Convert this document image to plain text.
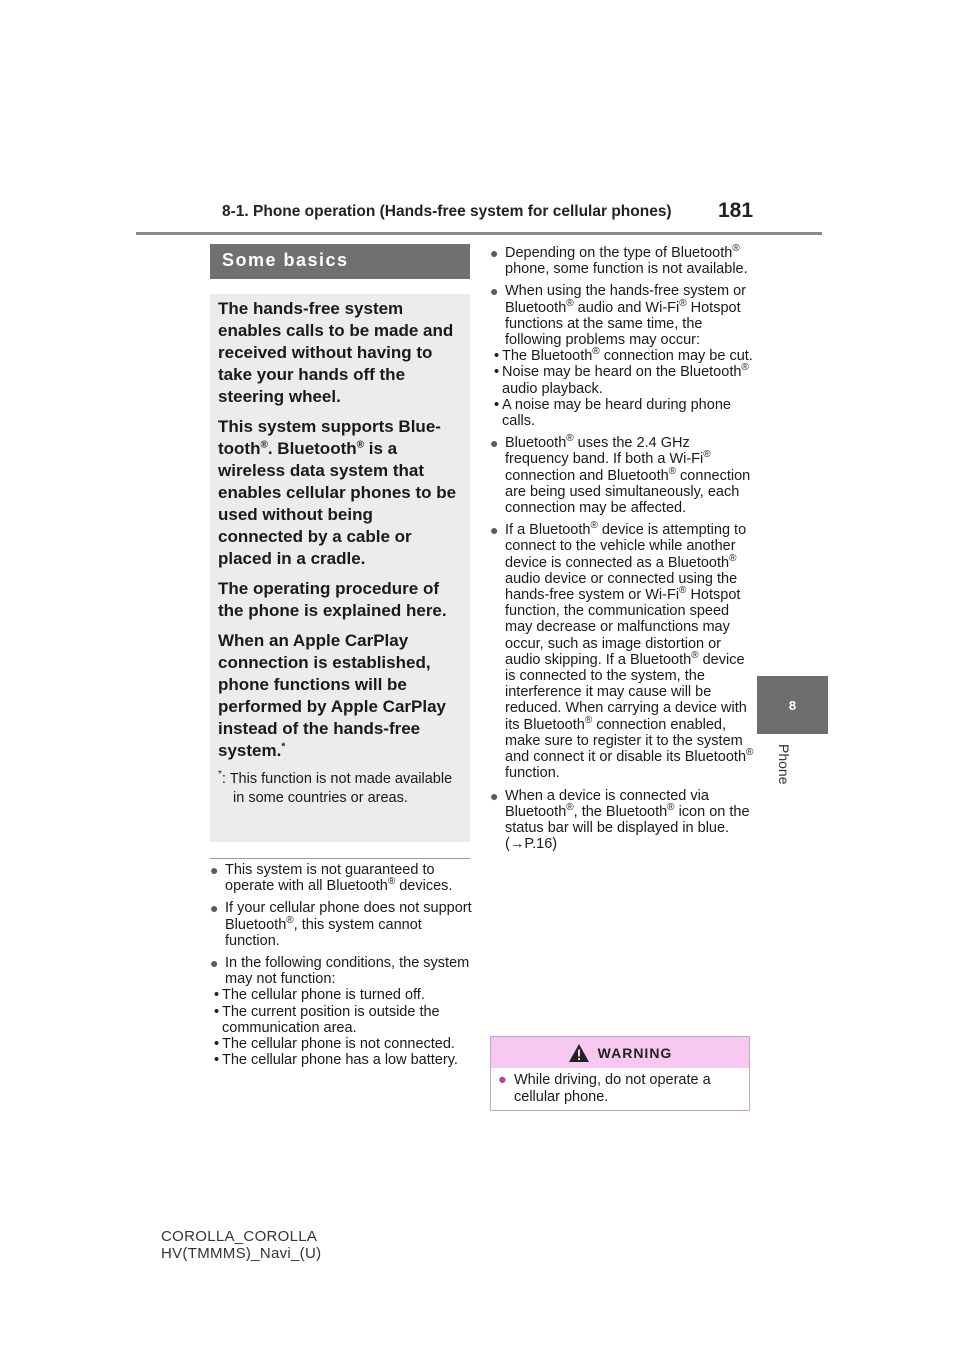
8-1. Phone operation (Hands-free system for cellular phones) 181
8
Phone
Some basics

The hands-free system enables calls to be made and received without having to take your hands off the steering wheel.

This system supports Blue-tooth®. Bluetooth® is a wireless data system that enables cellular phones to be used without being connected by a cable or placed in a cradle.

The operating procedure of the phone is explained here.

When an Apple CarPlay connection is established, phone functions will be performed by Apple CarPlay instead of the hands-free system.*

*: This function is not made available in some countries or areas.

● This system is not guaranteed to operate with all Bluetooth® devices.
● If your cellular phone does not support Bluetooth®, this system cannot function.
● In the following conditions, the system may not function:
• The cellular phone is turned off.
• The current position is outside the communication area.
• The cellular phone is not connected.
• The cellular phone has a low battery.
● Depending on the type of Bluetooth® phone, some function is not available.
● When using the hands-free system or Bluetooth® audio and Wi-Fi® Hotspot functions at the same time, the following problems may occur:
• The Bluetooth® connection may be cut.
• Noise may be heard on the Bluetooth® audio playback.
• A noise may be heard during phone calls.
● Bluetooth® uses the 2.4 GHz frequency band. If both a Wi-Fi® connection and Bluetooth® connection are being used simultaneously, each connection may be affected.
● If a Bluetooth® device is attempting to connect to the vehicle while another device is connected as a Bluetooth® audio device or connected using the hands-free system or Wi-Fi® Hotspot function, the communication speed may decrease or malfunctions may occur, such as image distortion or audio skipping. If a Bluetooth® device is connected to the system, the interference it may cause will be reduced. When carrying a device with its Bluetooth® connection enabled, make sure to register it to the system and connect it or disable its Bluetooth® function.
● When a device is connected via Bluetooth®, the Bluetooth® icon on the status bar will be displayed in blue. (→P.16)
WARNING
● While driving, do not operate a cellular phone.
COROLLA_COROLLA
HV(TMMMS)_Navi_(U)
